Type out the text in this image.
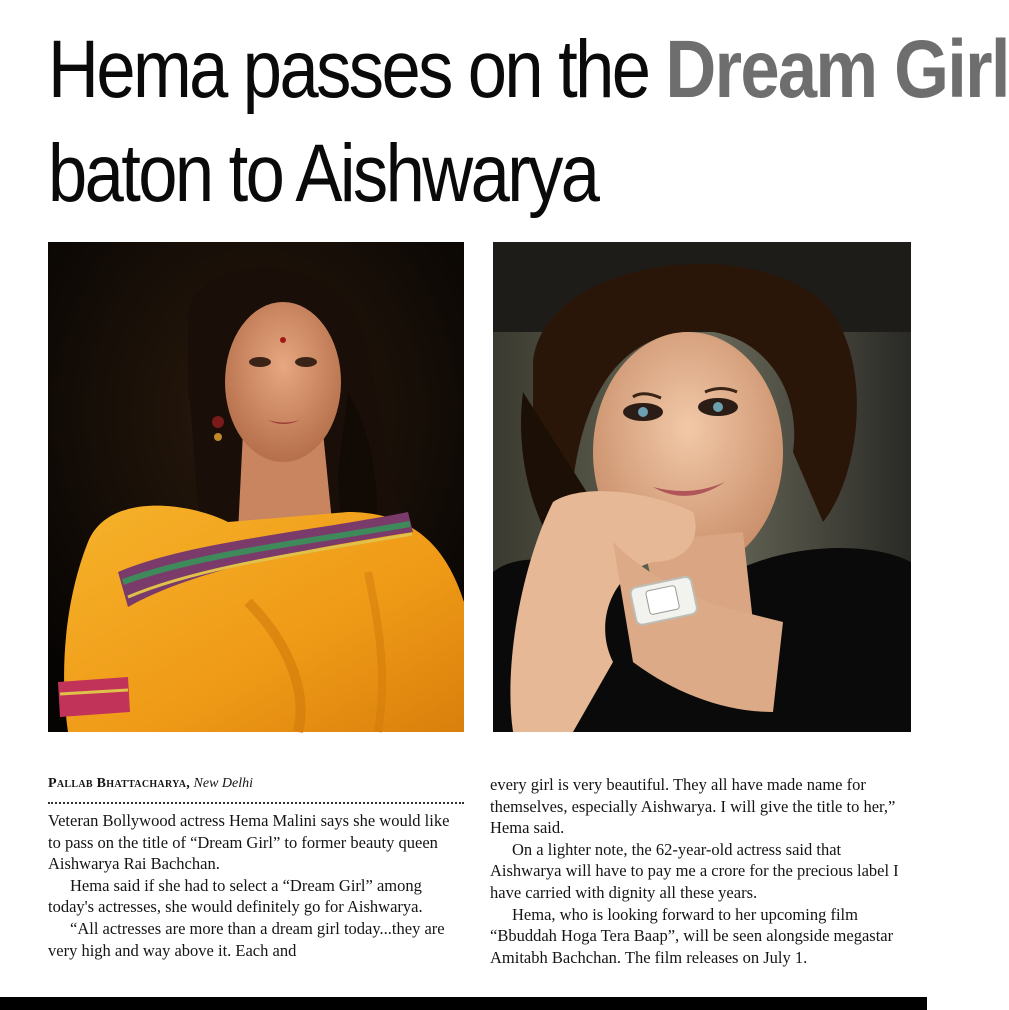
Hema passes on the Dream Girl
baton to Aishwarya

Pallab Bhattacharya, New Delhi

Veteran Bollywood actress Hema Malini says she would like to pass on the title of “Dream Girl” to former beauty queen Aishwarya Rai Bachchan.

Hema said if she had to select a “Dream Girl” among today's actresses, she would definitely go for Aishwarya.

“All actresses are more than a dream girl today...they are very high and way above it. Each and

every girl is very beautiful. They all have made name for themselves, especially Aishwarya. I will give the title to her,” Hema said.

On a lighter note, the 62-year-old actress said that Aishwarya will have to pay me a crore for the precious label I have carried with dignity all these years.

Hema, who is looking forward to her upcoming film “Bbuddah Hoga Tera Baap”, will be seen alongside megastar Amitabh Bachchan. The film releases on July 1.
